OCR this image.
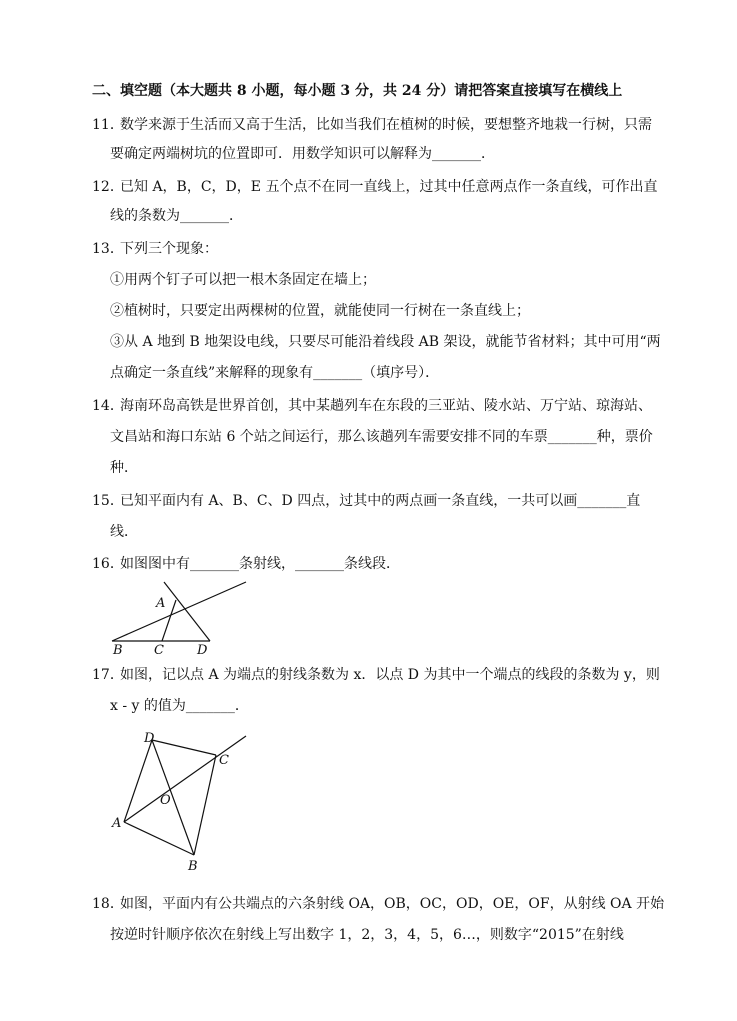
二、填空题（本大题共 8 小题，每小题 3 分，共 24 分）请把答案直接填写在横线上
11．数学来源于生活而又高于生活，比如当我们在植树的时候，要想整齐地栽一行树，只需
要确定两端树坑的位置即可．用数学知识可以解释为_______．
12．已知 A，B，C，D，E 五个点不在同一直线上，过其中任意两点作一条直线，可作出直
线的条数为_______．
13．下列三个现象：
①用两个钉子可以把一根木条固定在墙上；
②植树时，只要定出两棵树的位置，就能使同一行树在一条直线上；
③从 A 地到 B 地架设电线，只要尽可能沿着线段 AB 架设，就能节省材料；其中可用“两
点确定一条直线”来解释的现象有_______（填序号）．
14．海南环岛高铁是世界首创，其中某趟列车在东段的三亚站、陵水站、万宁站、琼海站、
文昌站和海口东站 6 个站之间运行，那么该趟列车需要安排不同的车票_______种，票价
种．
15．已知平面内有 A、B、C、D 四点，过其中的两点画一条直线，一共可以画_______直
线．
16．如图图中有_______条射线，_______条线段．
A
B C	D
17．如图，记以点 A 为端点的射线条数为 x．以点 D 为其中一个端点的线段的条数为 y，则
x - y 的值为_______．
D
C
O
A
B
18．如图，平面内有公共端点的六条射线 OA，OB，OC，OD，OE，OF，从射线 OA 开始
按逆时针顺序依次在射线上写出数字 1，2，3，4，5，6…，则数字“2015”在射线
